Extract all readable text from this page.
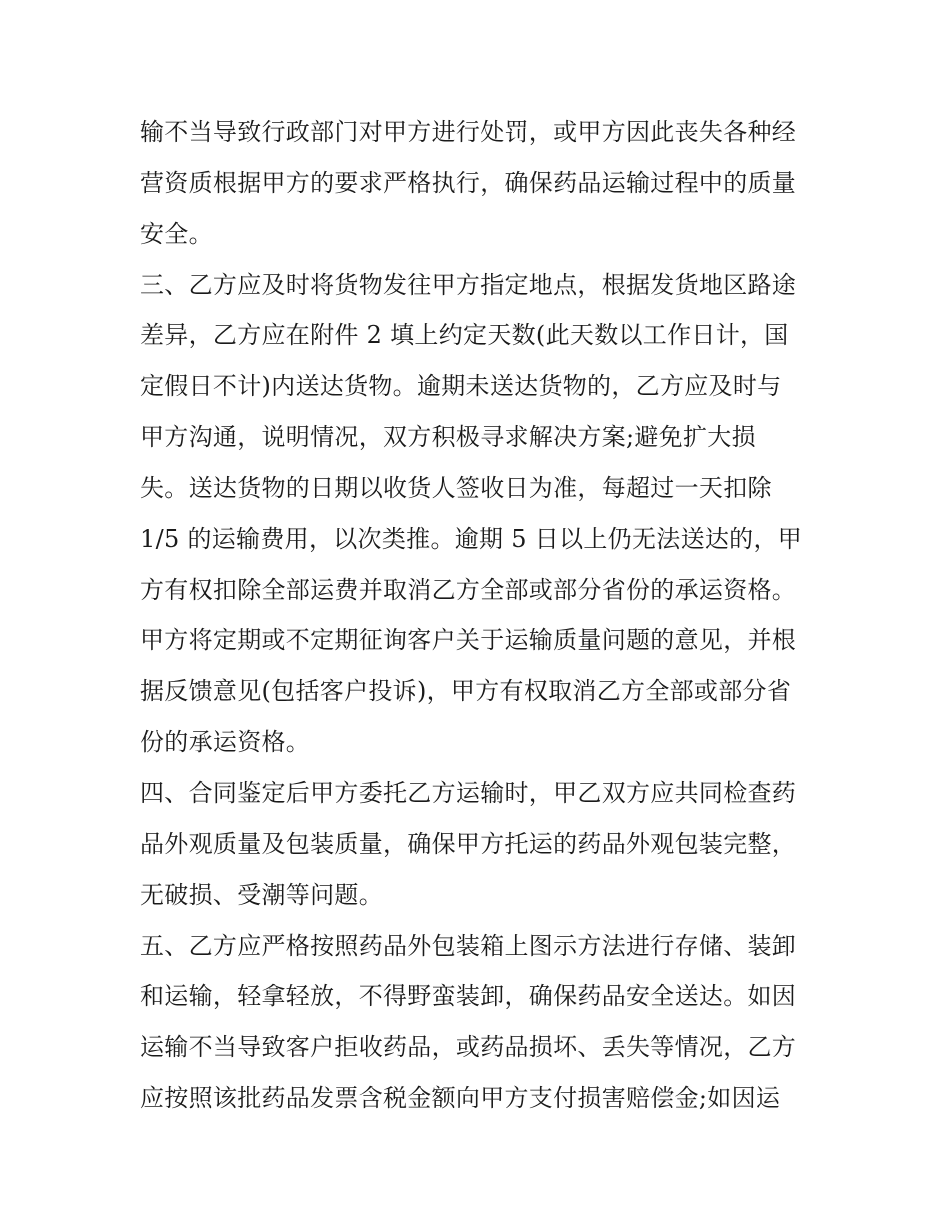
输不当导致行政部门对甲方进行处罚，或甲方因此丧失各种经
营资质根据甲方的要求严格执行，确保药品运输过程中的质量
安全。
三、乙方应及时将货物发往甲方指定地点，根据发货地区路途
差异，乙方应在附件 2 填上约定天数(此天数以工作日计，国
定假日不计)内送达货物。逾期未送达货物的，乙方应及时与
甲方沟通，说明情况，双方积极寻求解决方案;避免扩大损
失。送达货物的日期以收货人签收日为准，每超过一天扣除
1/5 的运输费用，以次类推。逾期 5 日以上仍无法送达的，甲
方有权扣除全部运费并取消乙方全部或部分省份的承运资格。
甲方将定期或不定期征询客户关于运输质量问题的意见，并根
据反馈意见(包括客户投诉)，甲方有权取消乙方全部或部分省
份的承运资格。
四、合同鉴定后甲方委托乙方运输时，甲乙双方应共同检查药
品外观质量及包装质量，确保甲方托运的药品外观包装完整，
无破损、受潮等问题。
五、乙方应严格按照药品外包装箱上图示方法进行存储、装卸
和运输，轻拿轻放，不得野蛮装卸，确保药品安全送达。如因
运输不当导致客户拒收药品，或药品损坏、丢失等情况，乙方
应按照该批药品发票含税金额向甲方支付损害赔偿金;如因运
